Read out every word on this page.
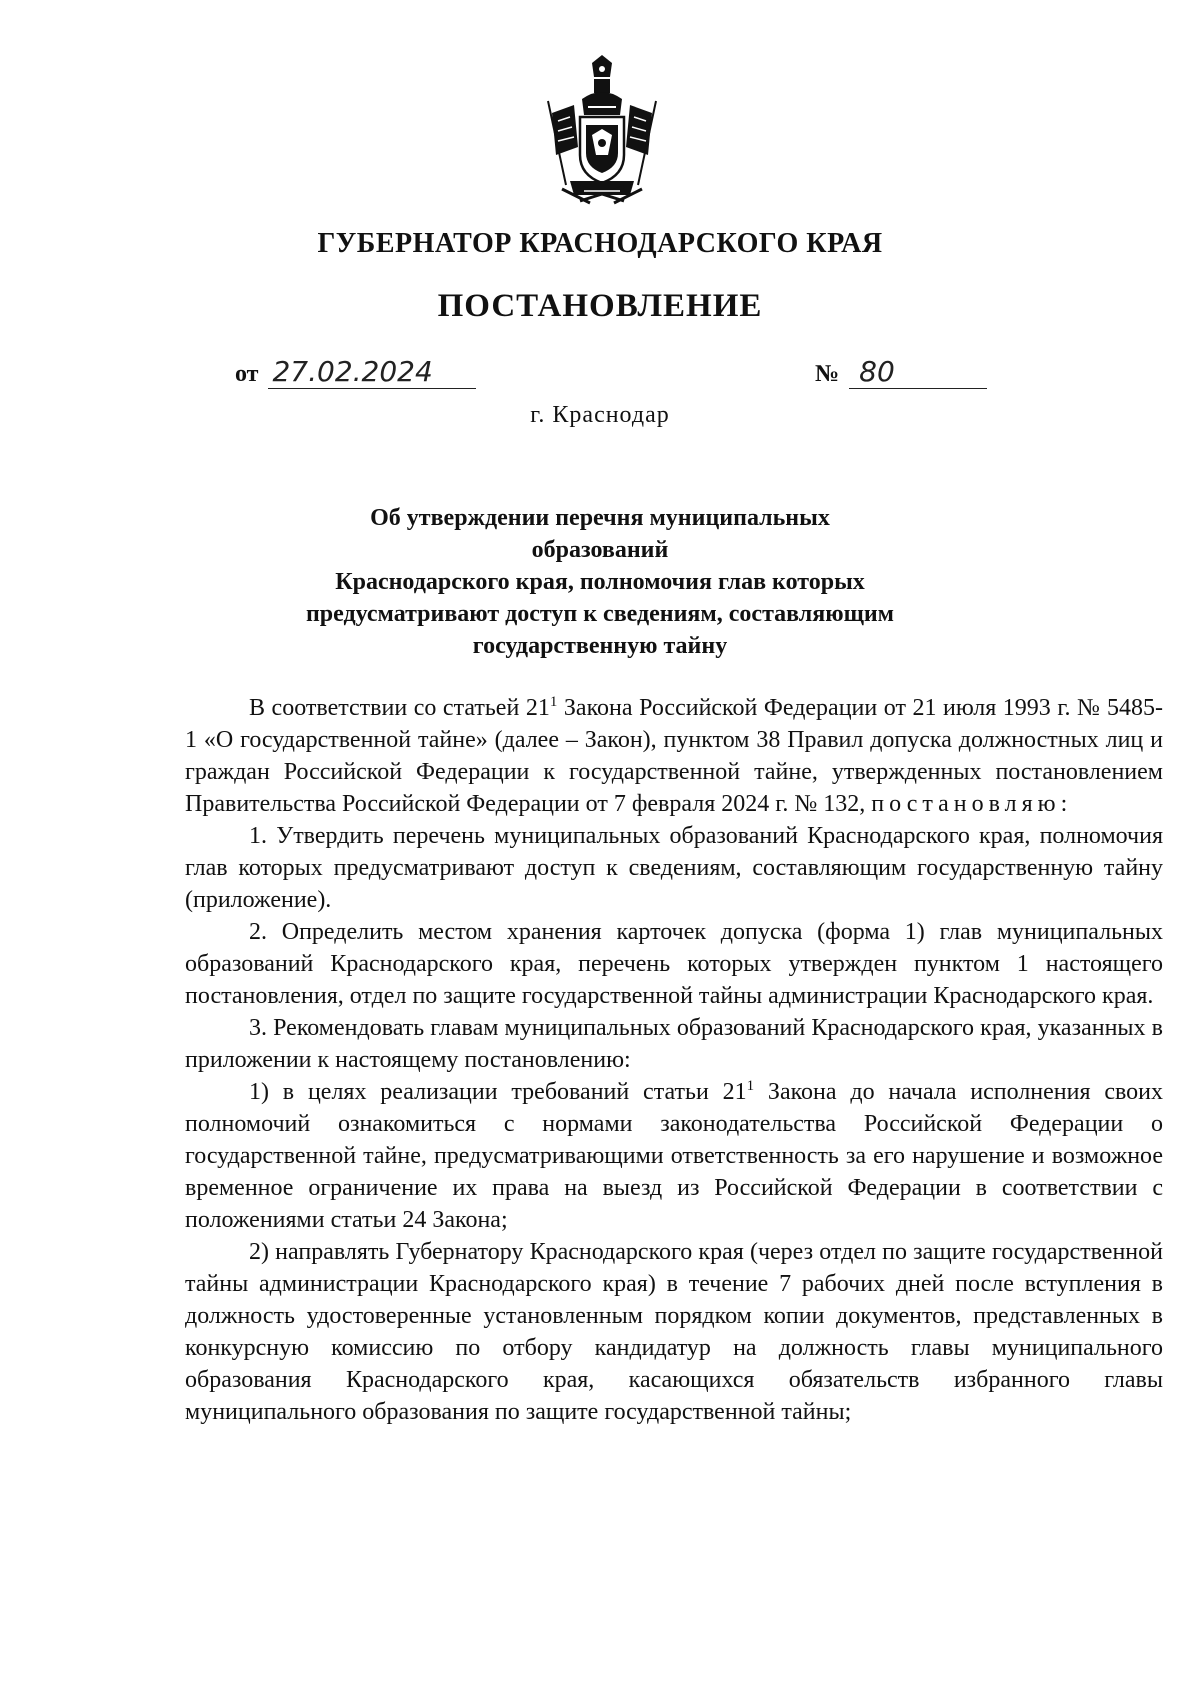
ГУБЕРНАТОР КРАСНОДАРСКОГО КРАЯ
ПОСТАНОВЛЕНИЕ
от 27.02.2024	№ 80
г. Краснодар
Об утверждении перечня муниципальных образований
Краснодарского края, полномочия глав которых
предусматривают доступ к сведениям, составляющим
государственную тайну

В соответствии со статьей $21^1$ Закона Российской Федерации от 21 июля 1993 г. № 5485-1 «О государственной тайне» (далее – Закон), пунктом 38 Правил допуска должностных лиц и граждан Российской Федерации к государственной тайне, утвержденных постановлением Правительства Российской Федерации от 7 февраля 2024 г. № 132, постановляю:

1. Утвердить перечень муниципальных образований Краснодарского края, полномочия глав которых предусматривают доступ к сведениям, составляющим государственную тайну (приложение).

2. Определить местом хранения карточек допуска (форма 1) глав муниципальных образований Краснодарского края, перечень которых утвержден пунктом 1 настоящего постановления, отдел по защите государственной тайны администрации Краснодарского края.

3. Рекомендовать главам муниципальных образований Краснодарского края, указанных в приложении к настоящему постановлению:

1) в целях реализации требований статьи $21^1$ Закона до начала исполнения своих полномочий ознакомиться с нормами законодательства Российской Федерации о государственной тайне, предусматривающими ответственность за его нарушение и возможное временное ограничение их права на выезд из Российской Федерации в соответствии с положениями статьи 24 Закона;

2) направлять Губернатору Краснодарского края (через отдел по защите государственной тайны администрации Краснодарского края) в течение 7 рабочих дней после вступления в должность удостоверенные установленным порядком копии документов, представленных в конкурсную комиссию по отбору кандидатур на должность главы муниципального образования Краснодарского края, касающихся обязательств избранного главы муниципального образования по защите государственной тайны;
